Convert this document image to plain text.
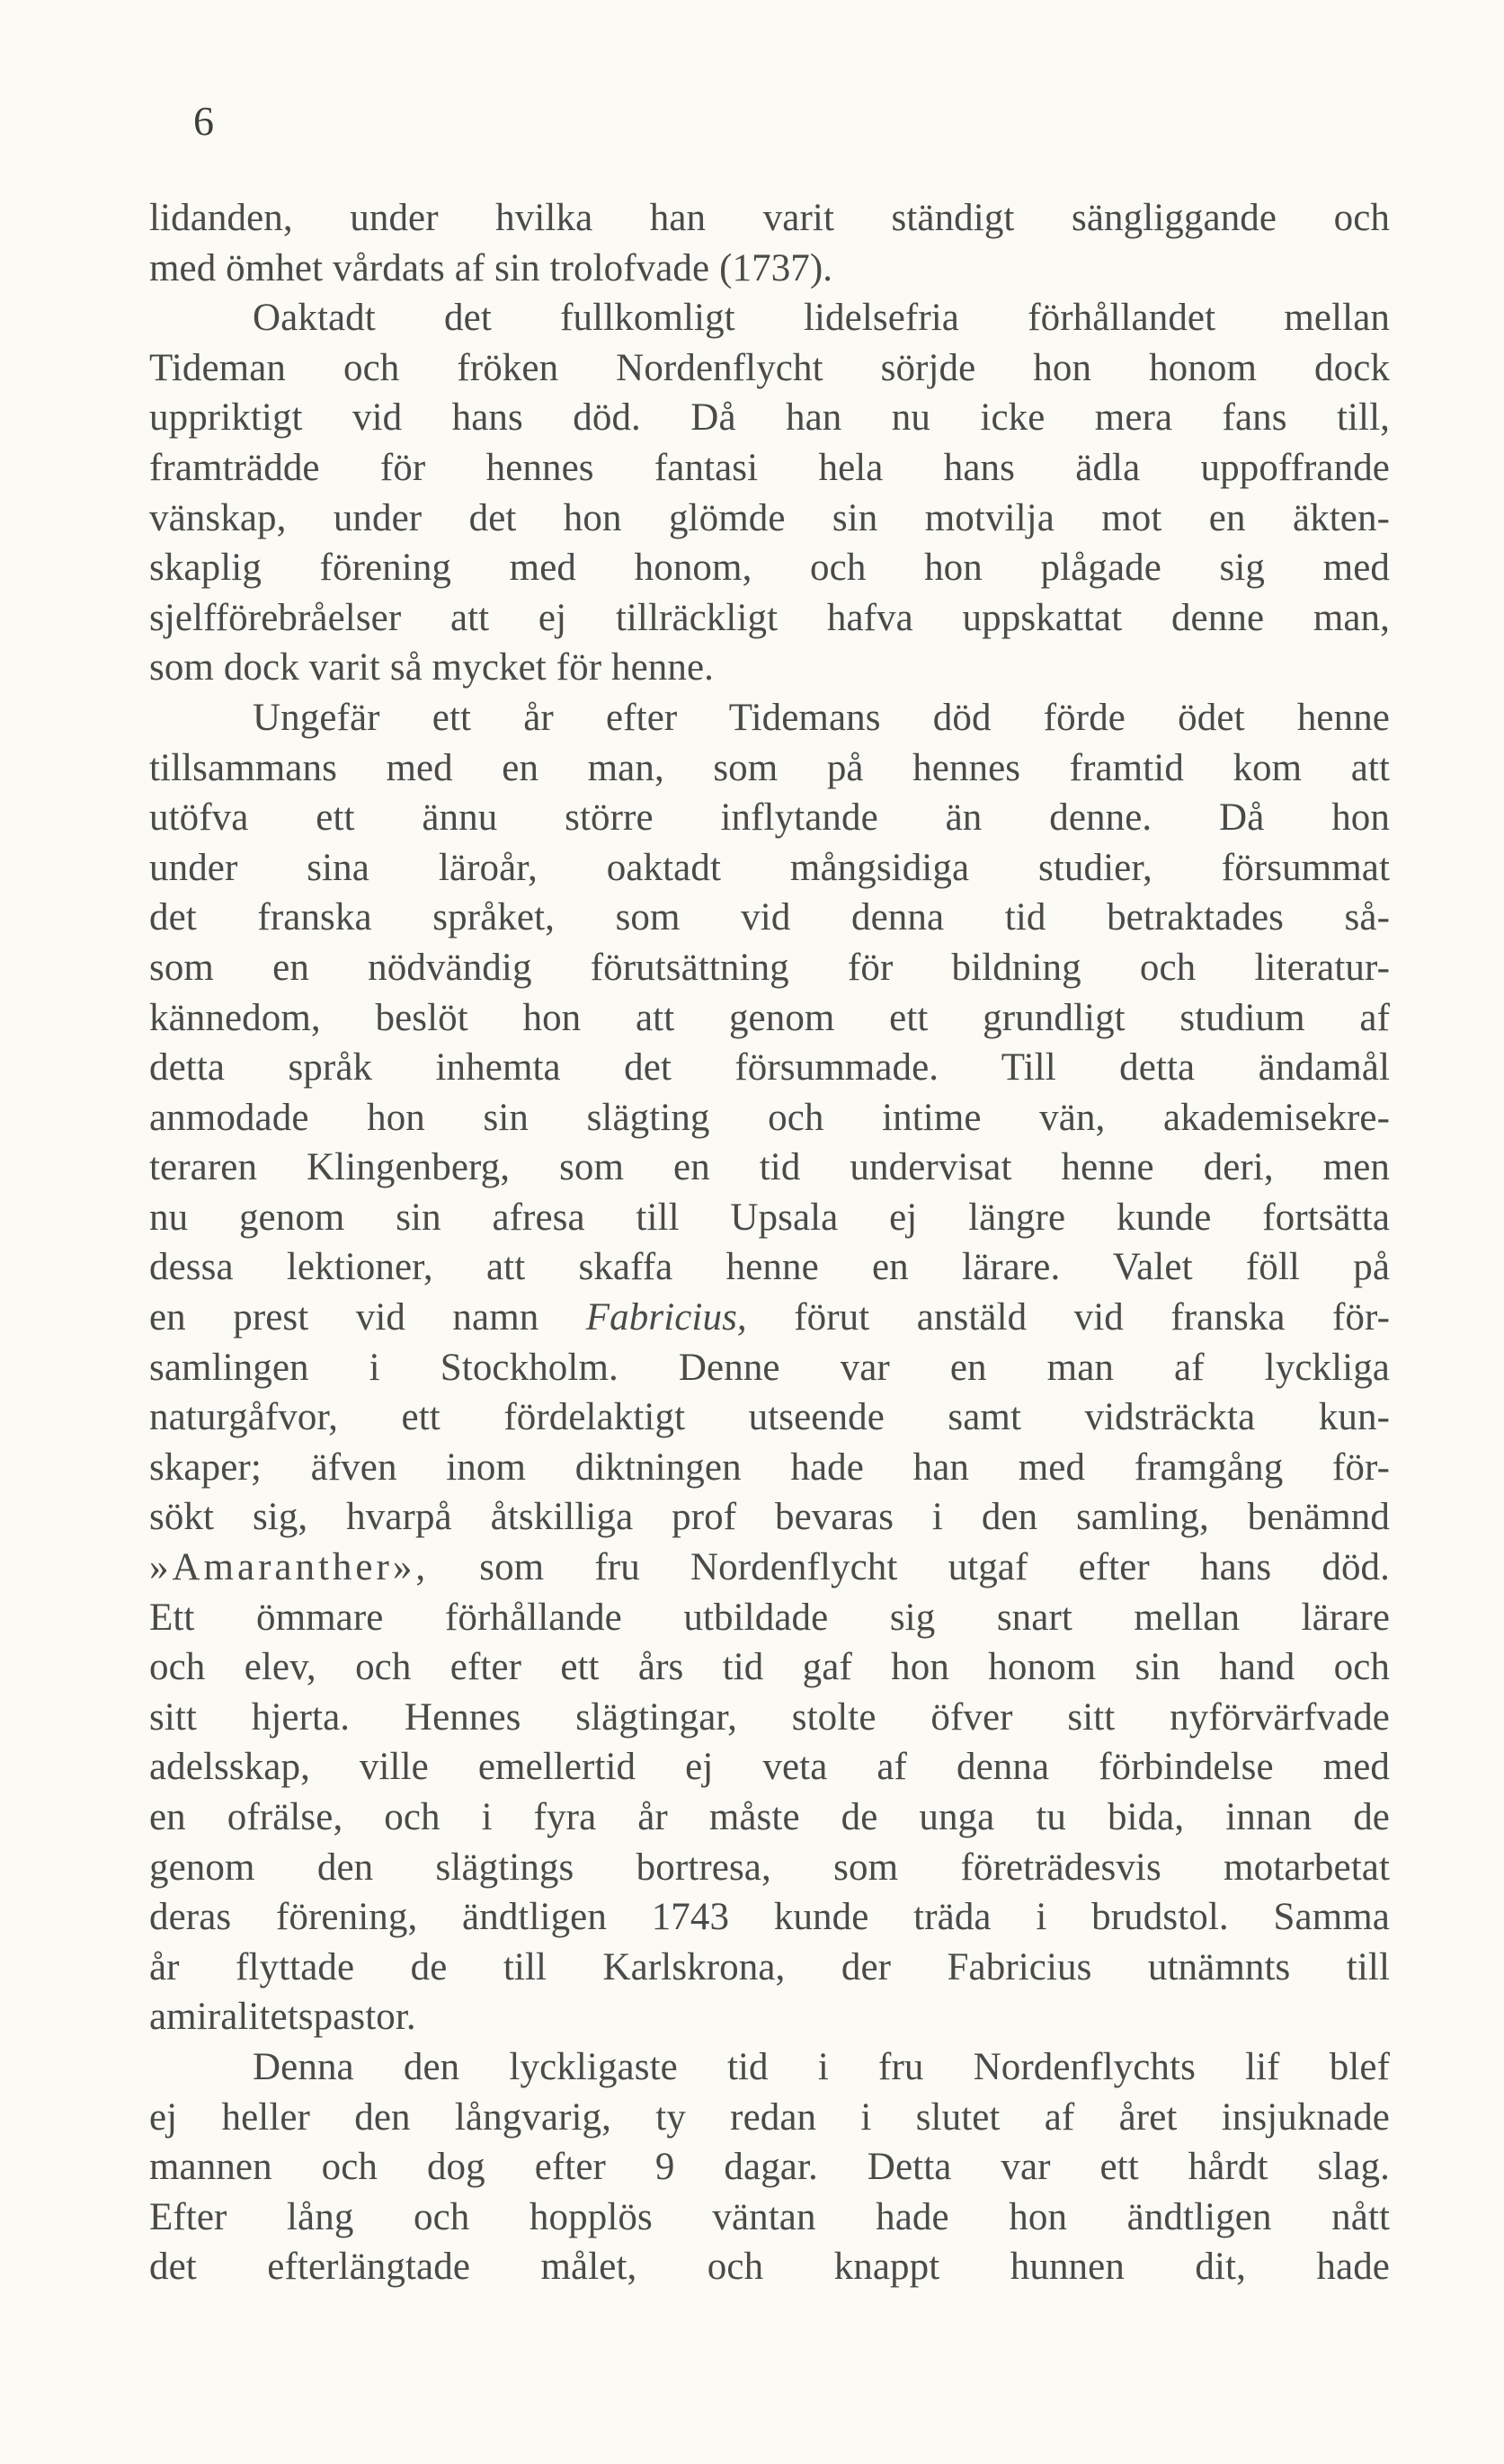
6
lidanden, under hvilka han varit ständigt sängliggande och
med ömhet vårdats af sin trolofvade (1737).
Oaktadt det fullkomligt lidelsefria förhållandet mellan
Tideman och fröken Nordenflycht sörjde hon honom dock
uppriktigt vid hans död. Då han nu icke mera fans till,
framträdde för hennes fantasi hela hans ädla uppoffrande
vänskap, under det hon glömde sin motvilja mot en äkten-
skaplig förening med honom, och hon plågade sig med
sjelfförebråelser att ej tillräckligt hafva uppskattat denne man,
som dock varit så mycket för henne.
Ungefär ett år efter Tidemans död förde ödet henne
tillsammans med en man, som på hennes framtid kom att
utöfva ett ännu större inflytande än denne. Då hon
under sina läroår, oaktadt mångsidiga studier, försummat
det franska språket, som vid denna tid betraktades så-
som en nödvändig förutsättning för bildning och literatur-
kännedom, beslöt hon att genom ett grundligt studium af
detta språk inhemta det försummade. Till detta ändamål
anmodade hon sin slägting och intime vän, akademisekre-
teraren Klingenberg, som en tid undervisat henne deri, men
nu genom sin afresa till Upsala ej längre kunde fortsätta
dessa lektioner, att skaffa henne en lärare. Valet föll på
en prest vid namn Fabricius, förut anstäld vid franska för-
samlingen i Stockholm. Denne var en man af lyckliga
naturgåfvor, ett fördelaktigt utseende samt vidsträckta kun-
skaper; äfven inom diktningen hade han med framgång för-
sökt sig, hvarpå åtskilliga prof bevaras i den samling, benämnd
»Amaranther», som fru Nordenflycht utgaf efter hans död.
Ett ömmare förhållande utbildade sig snart mellan lärare
och elev, och efter ett års tid gaf hon honom sin hand och
sitt hjerta. Hennes slägtingar, stolte öfver sitt nyförvärfvade
adelsskap, ville emellertid ej veta af denna förbindelse med
en ofrälse, och i fyra år måste de unga tu bida, innan de
genom den slägtings bortresa, som företrädesvis motarbetat
deras förening, ändtligen 1743 kunde träda i brudstol. Samma
år flyttade de till Karlskrona, der Fabricius utnämnts till
amiralitetspastor.
Denna den lyckligaste tid i fru Nordenflychts lif blef
ej heller den långvarig, ty redan i slutet af året insjuknade
mannen och dog efter 9 dagar. Detta var ett hårdt slag.
Efter lång och hopplös väntan hade hon ändtligen nått
det efterlängtade målet, och knappt hunnen dit, hade
